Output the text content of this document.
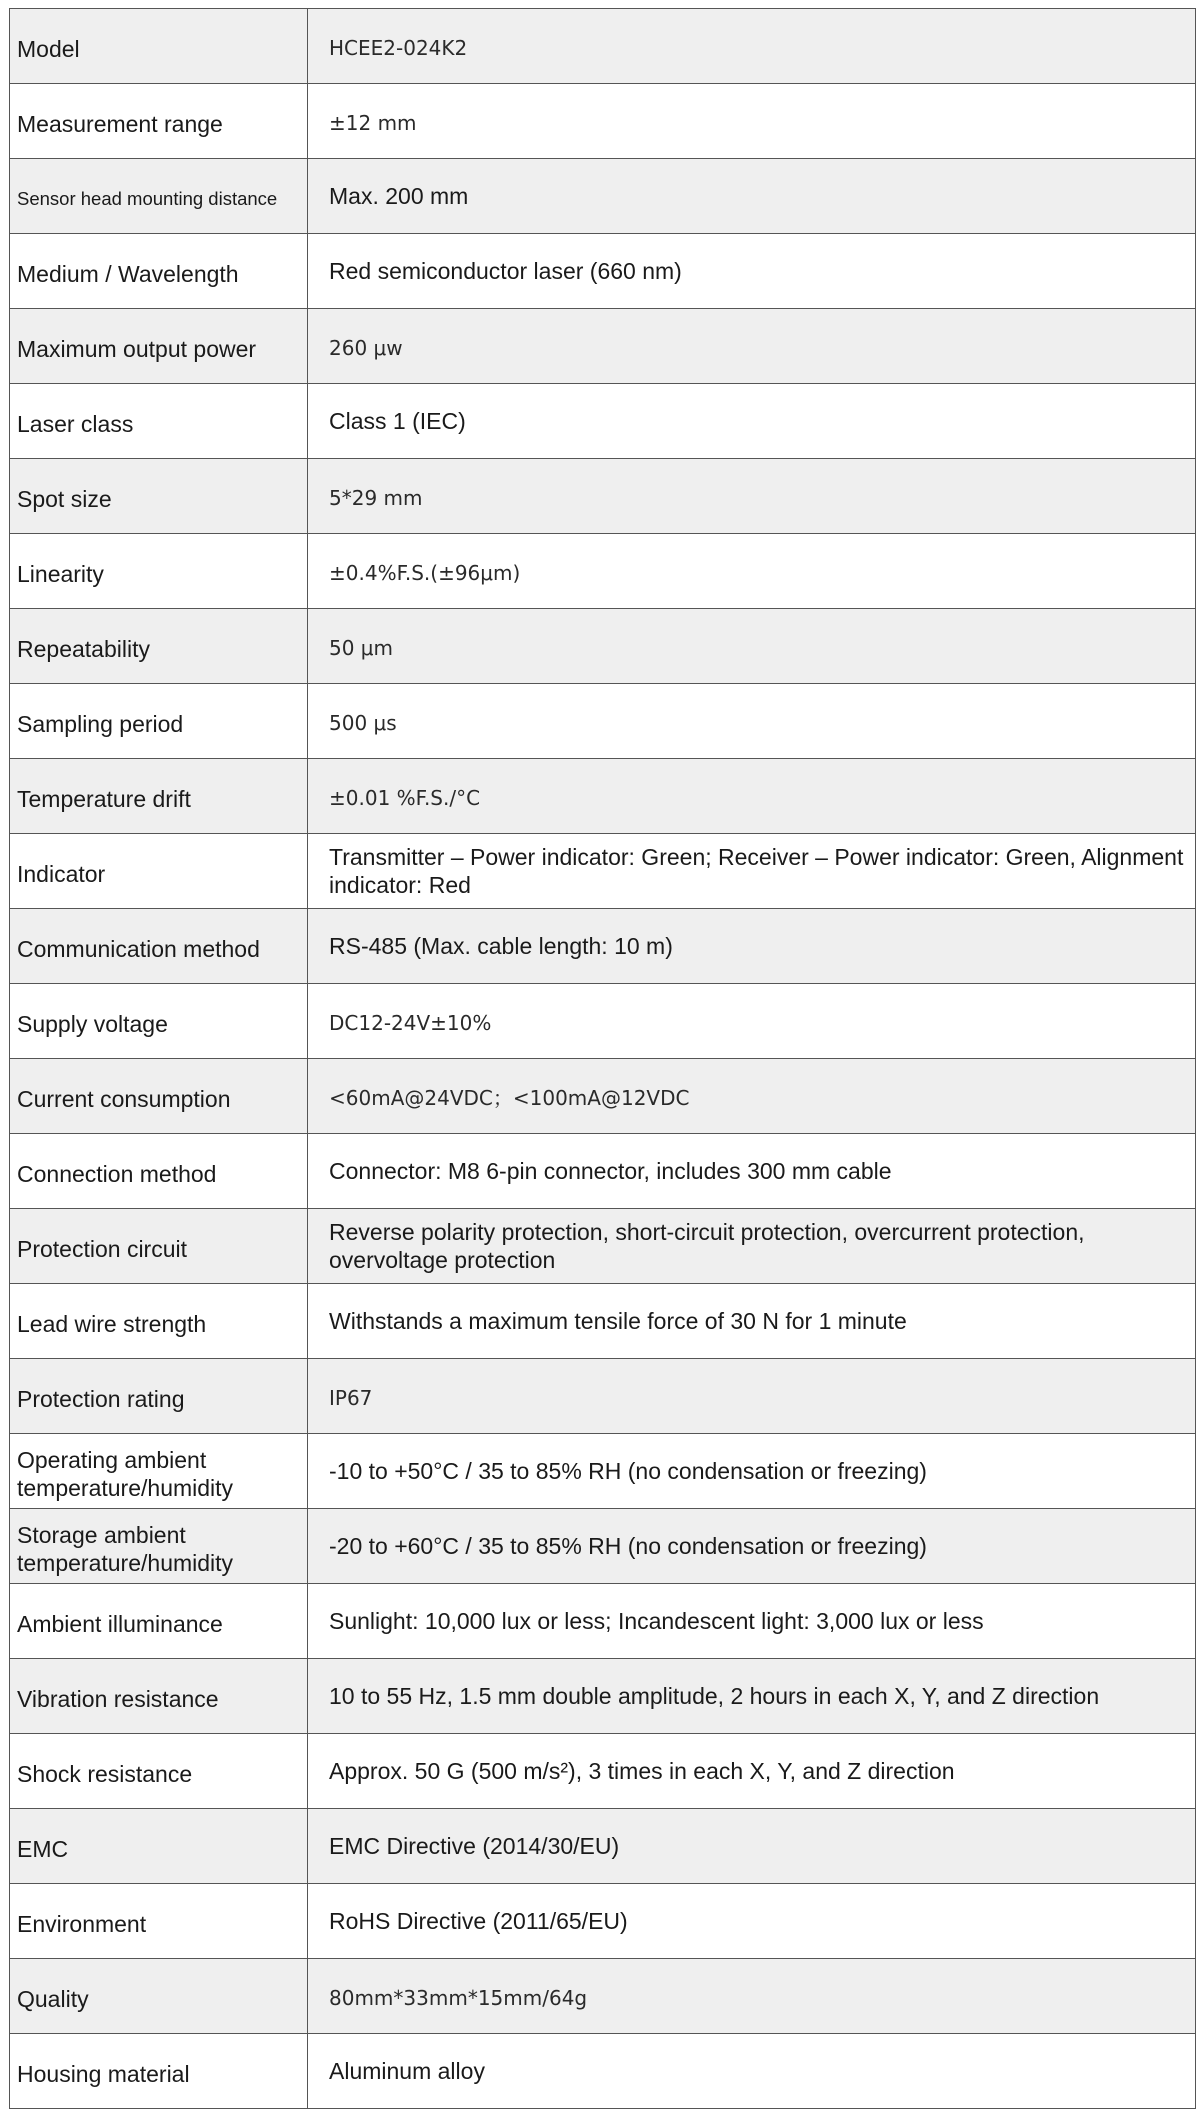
Model	HCEE2-024K2
Measurement range	±12 mm
Sensor head mounting distance	Max. 200 mm
Medium / Wavelength	Red semiconductor laser (660 nm)
Maximum output power	260 μw
Laser class	Class 1 (IEC)
Spot size	5*29 mm
Linearity	±0.4%F.S.(±96μm)
Repeatability	50 μm
Sampling period	500 μs
Temperature drift	±0.01 %F.S./°C
Indicator	Transmitter – Power indicator: Green; Receiver – Power indicator: Green, Alignment indicator: Red
Communication method	RS-485 (Max. cable length: 10 m)
Supply voltage	DC12-24V±10%
Current consumption	<60mA@24VDC；<100mA@12VDC
Connection method	Connector: M8 6-pin connector, includes 300 mm cable
Protection circuit	Reverse polarity protection, short-circuit protection, overcurrent protection, overvoltage protection
Lead wire strength	Withstands a maximum tensile force of 30 N for 1 minute
Protection rating	IP67
Operating ambient temperature/humidity	-10 to +50°C / 35 to 85% RH (no condensation or freezing)
Storage ambient temperature/humidity	-20 to +60°C / 35 to 85% RH (no condensation or freezing)
Ambient illuminance	Sunlight: 10,000 lux or less; Incandescent light: 3,000 lux or less
Vibration resistance	10 to 55 Hz, 1.5 mm double amplitude, 2 hours in each X, Y, and Z direction
Shock resistance	Approx. 50 G (500 m/s²), 3 times in each X, Y, and Z direction
EMC	EMC Directive (2014/30/EU)
Environment	RoHS Directive (2011/65/EU)
Quality	80mm*33mm*15mm/64g
Housing material	Aluminum alloy
